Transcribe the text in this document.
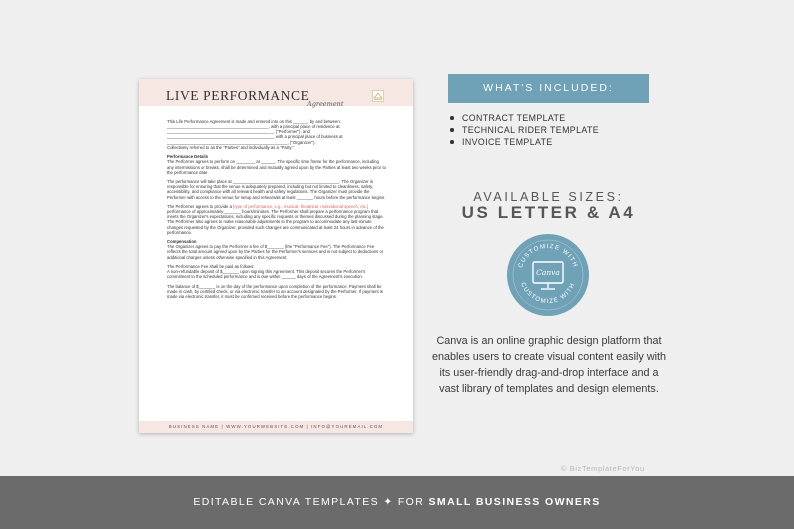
LIVE PERFORMANCE
Agreement

This Life Performance Agreement is made and entered into on this ______, by and between: ___________________________________________, with a principal place of residence at _____________________________________________, ("Performer"), and _____________________________________________, with a principal place of business at ___________________________________________________, ("Organizer").

Collectively referred to as the "Parties" and individually as a "Party."

Performance Details

The Performer agrees to perform on ________ at ______. The specific time frame for the performance, including any intermissions or breaks, shall be determined and mutually agreed upon by the Parties at least two weeks prior to the performance date.

The performance will take place at _____________________________________________. The Organizer is responsible for ensuring that the venue is adequately prepared, including but not limited to cleanliness, safety, accessibility, and compliance with all relevant health and safety regulations. The Organizer must provide the Performer with access to the venue for setup and rehearsals at least _______ hours before the performance begins.

The Performer agrees to provide a [type of performance, e.g., musical, theatrical, motivational speech, etc.] performance of approximately _______ hours/minutes. The Performer shall prepare a performance program that meets the Organizer's expectations, including any specific requests or themes discussed during the planning stage. The Performer also agrees to make reasonable adjustments to the program to accommodate any last-minute changes requested by the Organizer, provided such changes are communicated at least 24 hours in advance of the performance.

Compensation

The Organizer agrees to pay the Performer a fee of $_______ (the "Performance Fee"). The Performance Fee reflects the total amount agreed upon by the Parties for the Performer's services and is not subject to deductions or additional charges unless otherwise specified in this Agreement.

The Performance Fee shall be paid as follows:

A non-refundable deposit of $_______ upon signing this Agreement. This deposit secures the Performer's commitment to the scheduled performance and is due within ______ days of the Agreement's execution.

The balance of $_______ is on the day of the performance upon completion of the performance. Payment shall be made in cash, by certified check, or via electronic transfer to an account designated by the Performer. If payment is made via electronic transfer, it must be confirmed received before the performance begins.

BUSINESS NAME | WWW.YOURWEBSITE.COM | INFO@YOUREMAIL.COM
WHAT'S INCLUDED:
CONTRACT TEMPLATE
TECHNICAL RIDER TEMPLATE
INVOICE TEMPLATE
AVAILABLE SIZES:
US LETTER & A4
CUSTOMIZE WITH
CUSTOMIZE WITH
Canva
Canva is an online graphic design platform that enables users to create visual content easily with its user-friendly drag-and-drop interface and a vast library of templates and design elements.
© BizTemplateForYou
EDITABLE CANVA TEMPLATES ✦ FOR SMALL BUSINESS OWNERS
